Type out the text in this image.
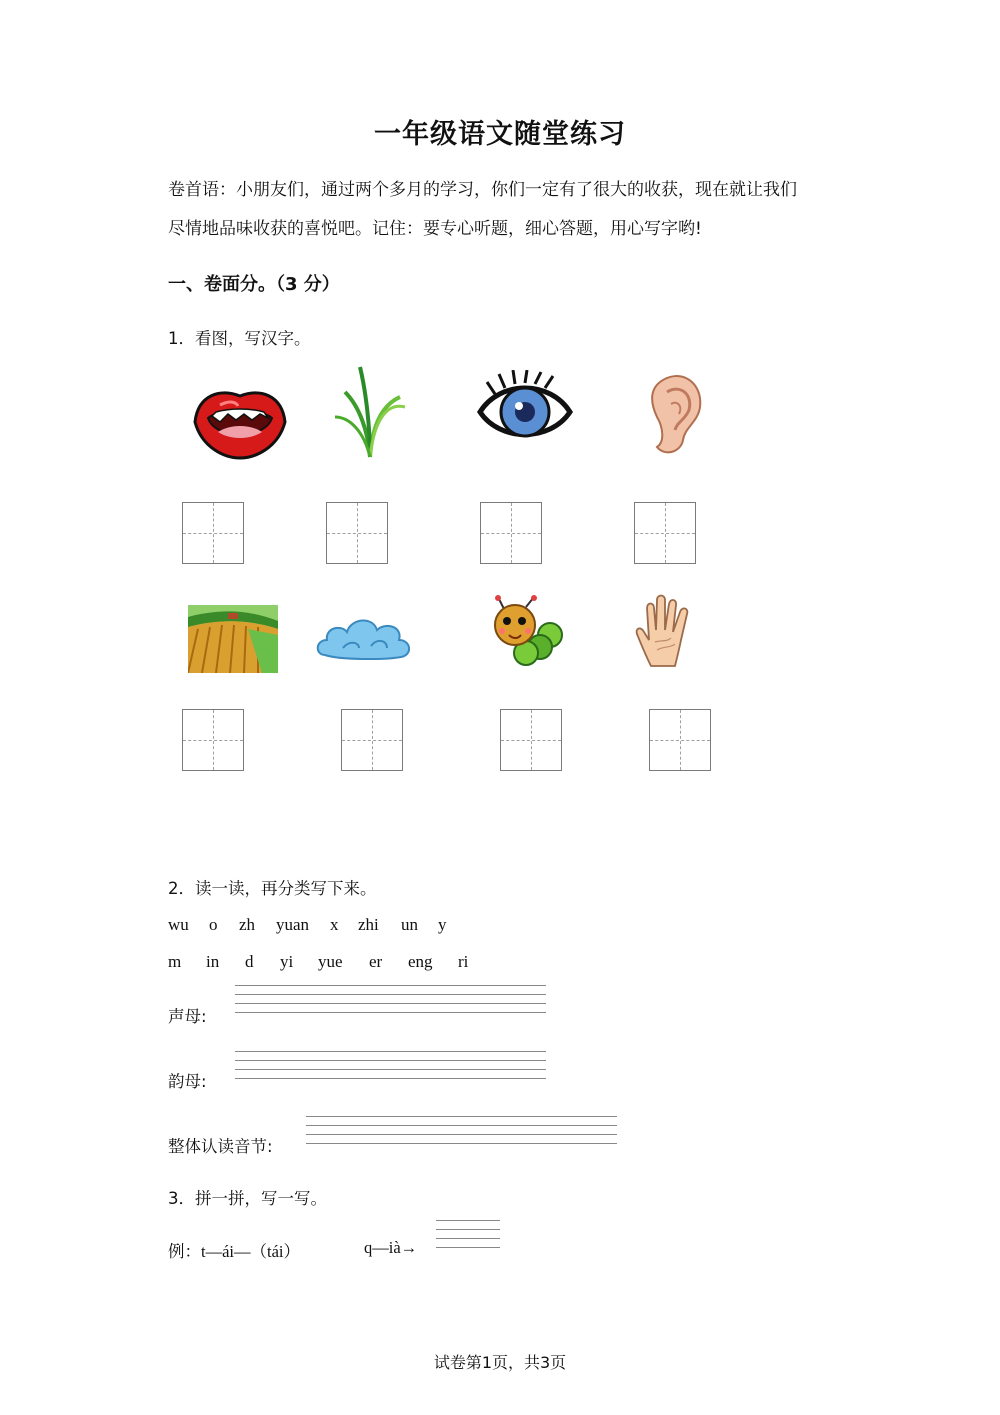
一年级语文随堂练习
卷首语：小朋友们，通过两个多月的学习，你们一定有了很大的收获，现在就让我们
尽情地品味收获的喜悦吧。记住：要专心听题，细心答题，用心写字哟!
一、卷面分。（3 分）
1．看图，写汉字。
2．读一读，再分类写下来。
wu o zh yuan x zhi un y
m in d yi yue er eng ri
声母:
韵母:
整体认读音节:
3．拼一拼，写一写。
例：t—ái—（tái）	q—ià→
试卷第1页，共3页
